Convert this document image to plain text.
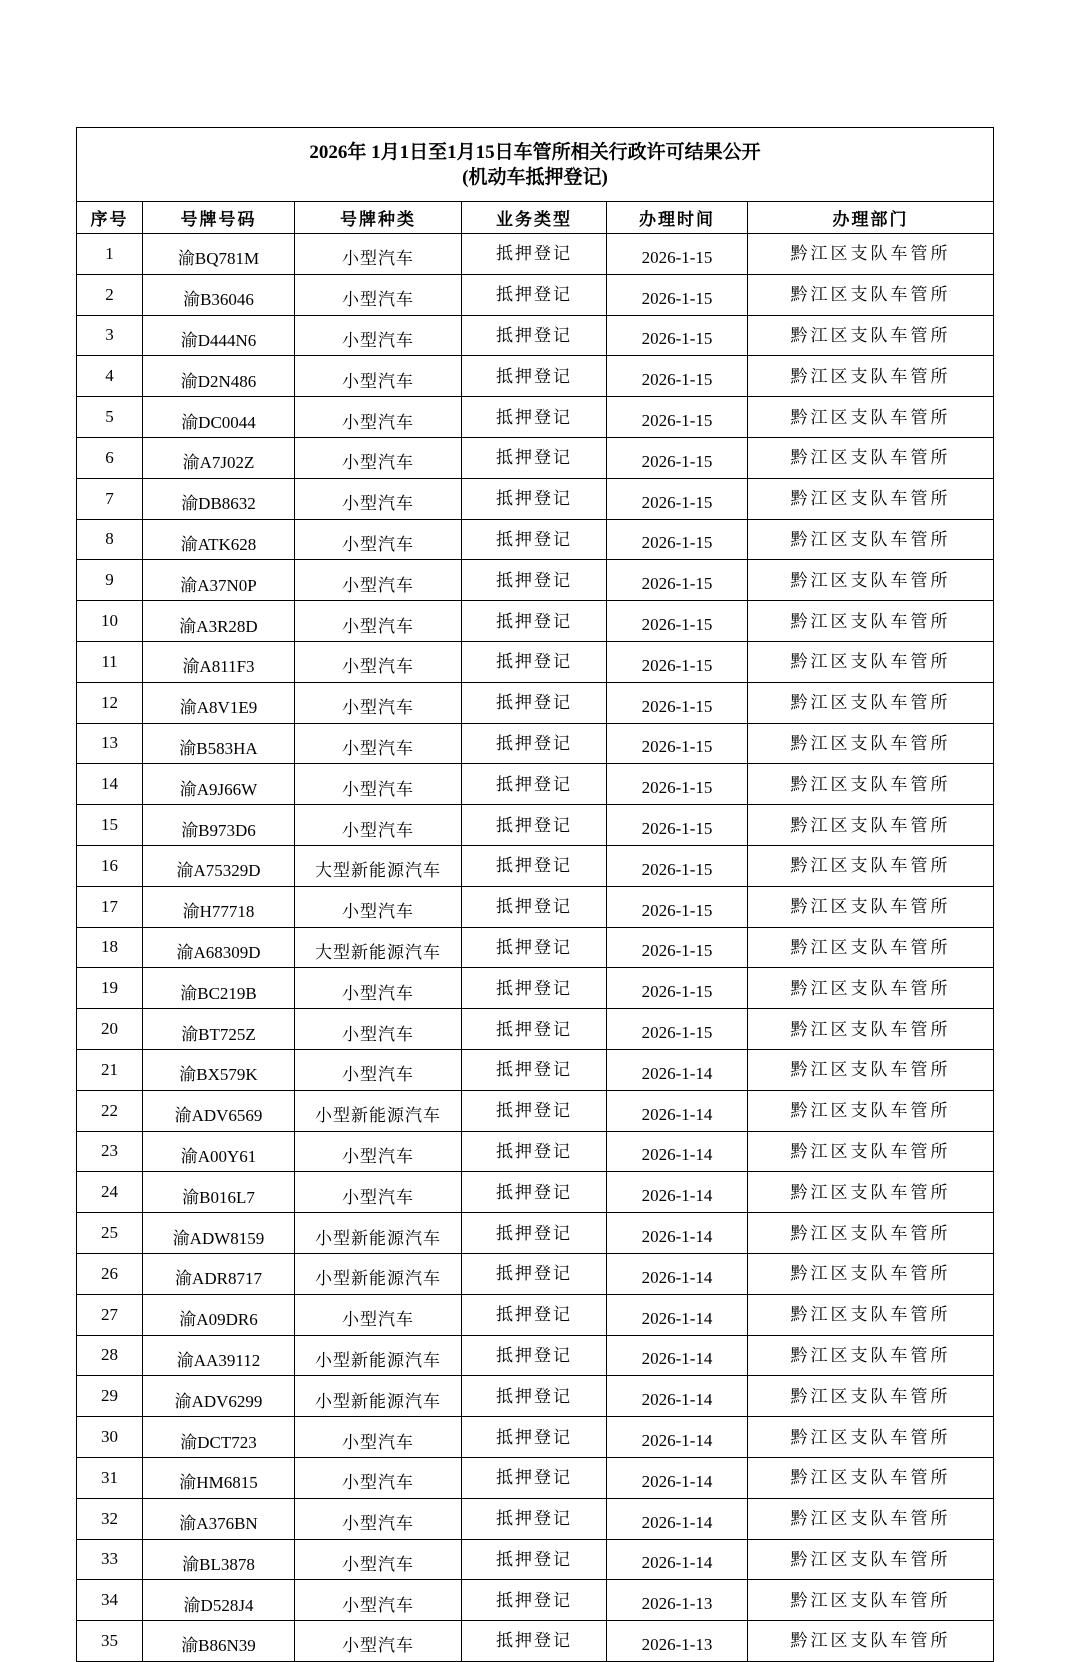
2026年 1月1日至1月15日车管所相关行政许可结果公开
(机动车抵押登记)					

序号	号牌号码	号牌种类	业务类型	办理时间	办理部门
1	渝BQ781M	小型汽车	抵押登记	2026-1-15	黔江区支队车管所
2	渝B36046	小型汽车	抵押登记	2026-1-15	黔江区支队车管所
3	渝D444N6	小型汽车	抵押登记	2026-1-15	黔江区支队车管所
4	渝D2N486	小型汽车	抵押登记	2026-1-15	黔江区支队车管所
5	渝DC0044	小型汽车	抵押登记	2026-1-15	黔江区支队车管所
6	渝A7J02Z	小型汽车	抵押登记	2026-1-15	黔江区支队车管所
7	渝DB8632	小型汽车	抵押登记	2026-1-15	黔江区支队车管所
8	渝ATK628	小型汽车	抵押登记	2026-1-15	黔江区支队车管所
9	渝A37N0P	小型汽车	抵押登记	2026-1-15	黔江区支队车管所
10	渝A3R28D	小型汽车	抵押登记	2026-1-15	黔江区支队车管所
11	渝A811F3	小型汽车	抵押登记	2026-1-15	黔江区支队车管所
12	渝A8V1E9	小型汽车	抵押登记	2026-1-15	黔江区支队车管所
13	渝B583HA	小型汽车	抵押登记	2026-1-15	黔江区支队车管所
14	渝A9J66W	小型汽车	抵押登记	2026-1-15	黔江区支队车管所
15	渝B973D6	小型汽车	抵押登记	2026-1-15	黔江区支队车管所
16	渝A75329D	大型新能源汽车	抵押登记	2026-1-15	黔江区支队车管所
17	渝H77718	小型汽车	抵押登记	2026-1-15	黔江区支队车管所
18	渝A68309D	大型新能源汽车	抵押登记	2026-1-15	黔江区支队车管所
19	渝BC219B	小型汽车	抵押登记	2026-1-15	黔江区支队车管所
20	渝BT725Z	小型汽车	抵押登记	2026-1-15	黔江区支队车管所
21	渝BX579K	小型汽车	抵押登记	2026-1-14	黔江区支队车管所
22	渝ADV6569	小型新能源汽车	抵押登记	2026-1-14	黔江区支队车管所
23	渝A00Y61	小型汽车	抵押登记	2026-1-14	黔江区支队车管所
24	渝B016L7	小型汽车	抵押登记	2026-1-14	黔江区支队车管所
25	渝ADW8159	小型新能源汽车	抵押登记	2026-1-14	黔江区支队车管所
26	渝ADR8717	小型新能源汽车	抵押登记	2026-1-14	黔江区支队车管所
27	渝A09DR6	小型汽车	抵押登记	2026-1-14	黔江区支队车管所
28	渝AA39112	小型新能源汽车	抵押登记	2026-1-14	黔江区支队车管所
29	渝ADV6299	小型新能源汽车	抵押登记	2026-1-14	黔江区支队车管所
30	渝DCT723	小型汽车	抵押登记	2026-1-14	黔江区支队车管所
31	渝HM6815	小型汽车	抵押登记	2026-1-14	黔江区支队车管所
32	渝A376BN	小型汽车	抵押登记	2026-1-14	黔江区支队车管所
33	渝BL3878	小型汽车	抵押登记	2026-1-14	黔江区支队车管所
34	渝D528J4	小型汽车	抵押登记	2026-1-13	黔江区支队车管所
35	渝B86N39	小型汽车	抵押登记	2026-1-13	黔江区支队车管所
